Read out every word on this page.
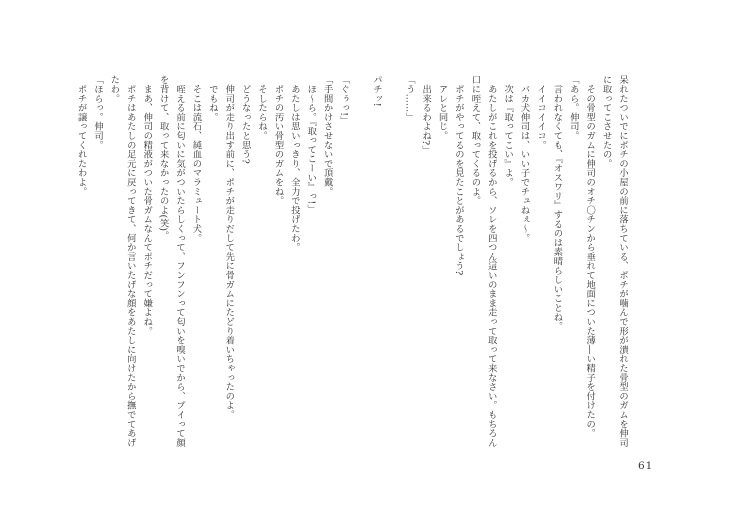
呆れたついでにポチの小屋の前に落ちている、ポチが噛んで形が潰れた骨型のガムを伸司に取ってこさせたの。

　その骨型のガムに伸司のオチ〇チンから垂れて地面についた薄―い精子を付けたの。

「あら。伸司。

　言われなくても、『オスワリ』するのは素晴らしいことね。

　イイコイイコ。

　バカ犬伸司は、いい子でチュねぇ〜。

　次は『取ってこい』よ。

　あたしがこれを投げるから、ソレを四つん這いのまま走って取って来なさい。もちろん口に咥えて、取ってくるのよ。

　ポチがやってるのを見たことがあるでしょう?

　アレと同じ。

　出来るわよね?」

「う……」

パチッ!

「ぐぅっ!」

「手間かけさせないで頂戴。

　ほ〜ら。『取ってこーい』っ!」

　あたしは思いっきり、全力で投げたわ。

　ポチの汚い骨型のガムをね。

　そしたらね。

　どうなったと思う?

　伸司が走り出す前に、ポチが走りだして先に骨ガムにたどり着いちゃったのよ。

　でもね。

　そこは流石、純血のマラミュート犬。

　咥える前に匂いに気がついたらしくって、フンフンって匂いを嗅いでから、プイって顔を背けて、取って来なかったのよ(笑)。

　まあ、伸司の精液がついた骨ガムなんてポチだって嫌よね。

　ポチはあたしの足元に戻ってきて、何か言いたげな顔をあたしに向けたから撫でてあげたわ。

「ほらっ。伸司。

　ポチが譲ってくれたわよ。

61
